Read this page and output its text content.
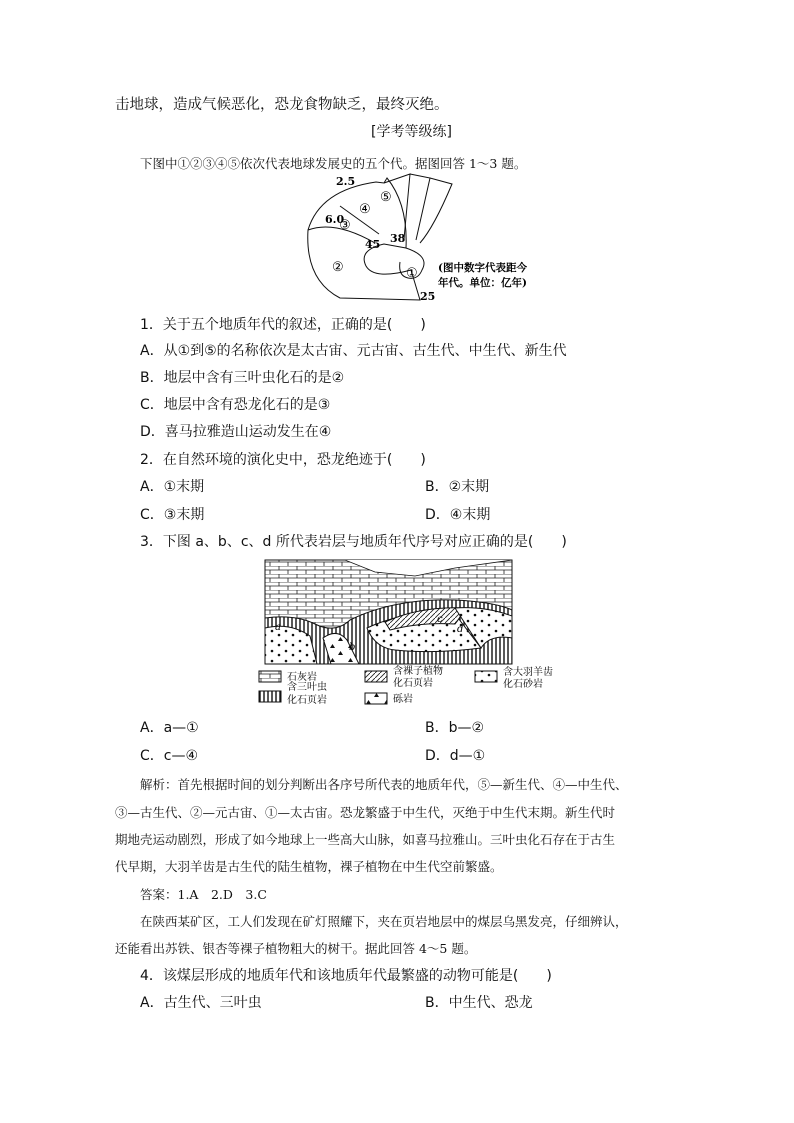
击地球，造成气候恶化，恐龙食物缺乏，最终灭绝。
[学考等级练]
下图中①②③④⑤依次代表地球发展史的五个代。据图回答 1～3 题。
6.0
2.5
45 38
25
②
③
④
⑤
① (图中数字代表距今
年代。单位：亿年)
1．关于五个地质年代的叙述，正确的是(　　)
A．从①到⑤的名称依次是太古宙、元古宙、古生代、中生代、新生代
B．地层中含有三叶虫化石的是②
C．地层中含有恐龙化石的是③
D．喜马拉雅造山运动发生在④
2．在自然环境的演化史中，恐龙绝迹于(　　)
A．①末期	B．②末期
C．③末期	D．④末期
3．下图 a、b、c、d 所代表岩层与地质年代序号对应正确的是(　　)
a
b
c
d
石灰岩
含三叶虫
化石页岩
含裸子植物
化石页岩
砾岩
含大羽羊齿
化石砂岩
A．a—①	B．b—②
C．c—④	D．d—①
解析：首先根据时间的划分判断出各序号所代表的地质年代，⑤—新生代、④—中生代、
③—古生代、②—元古宙、①—太古宙。恐龙繁盛于中生代，灭绝于中生代末期。新生代时
期地壳运动剧烈，形成了如今地球上一些高大山脉，如喜马拉雅山。三叶虫化石存在于古生
代早期，大羽羊齿是古生代的陆生植物，裸子植物在中生代空前繁盛。
答案：1.A　2.D　3.C
在陕西某矿区，工人们发现在矿灯照耀下，夹在页岩地层中的煤层乌黑发亮，仔细辨认，
还能看出苏铁、银杏等裸子植物粗大的树干。据此回答 4～5 题。
4．该煤层形成的地质年代和该地质年代最繁盛的动物可能是(　　)
A．古生代、三叶虫	B．中生代、恐龙
